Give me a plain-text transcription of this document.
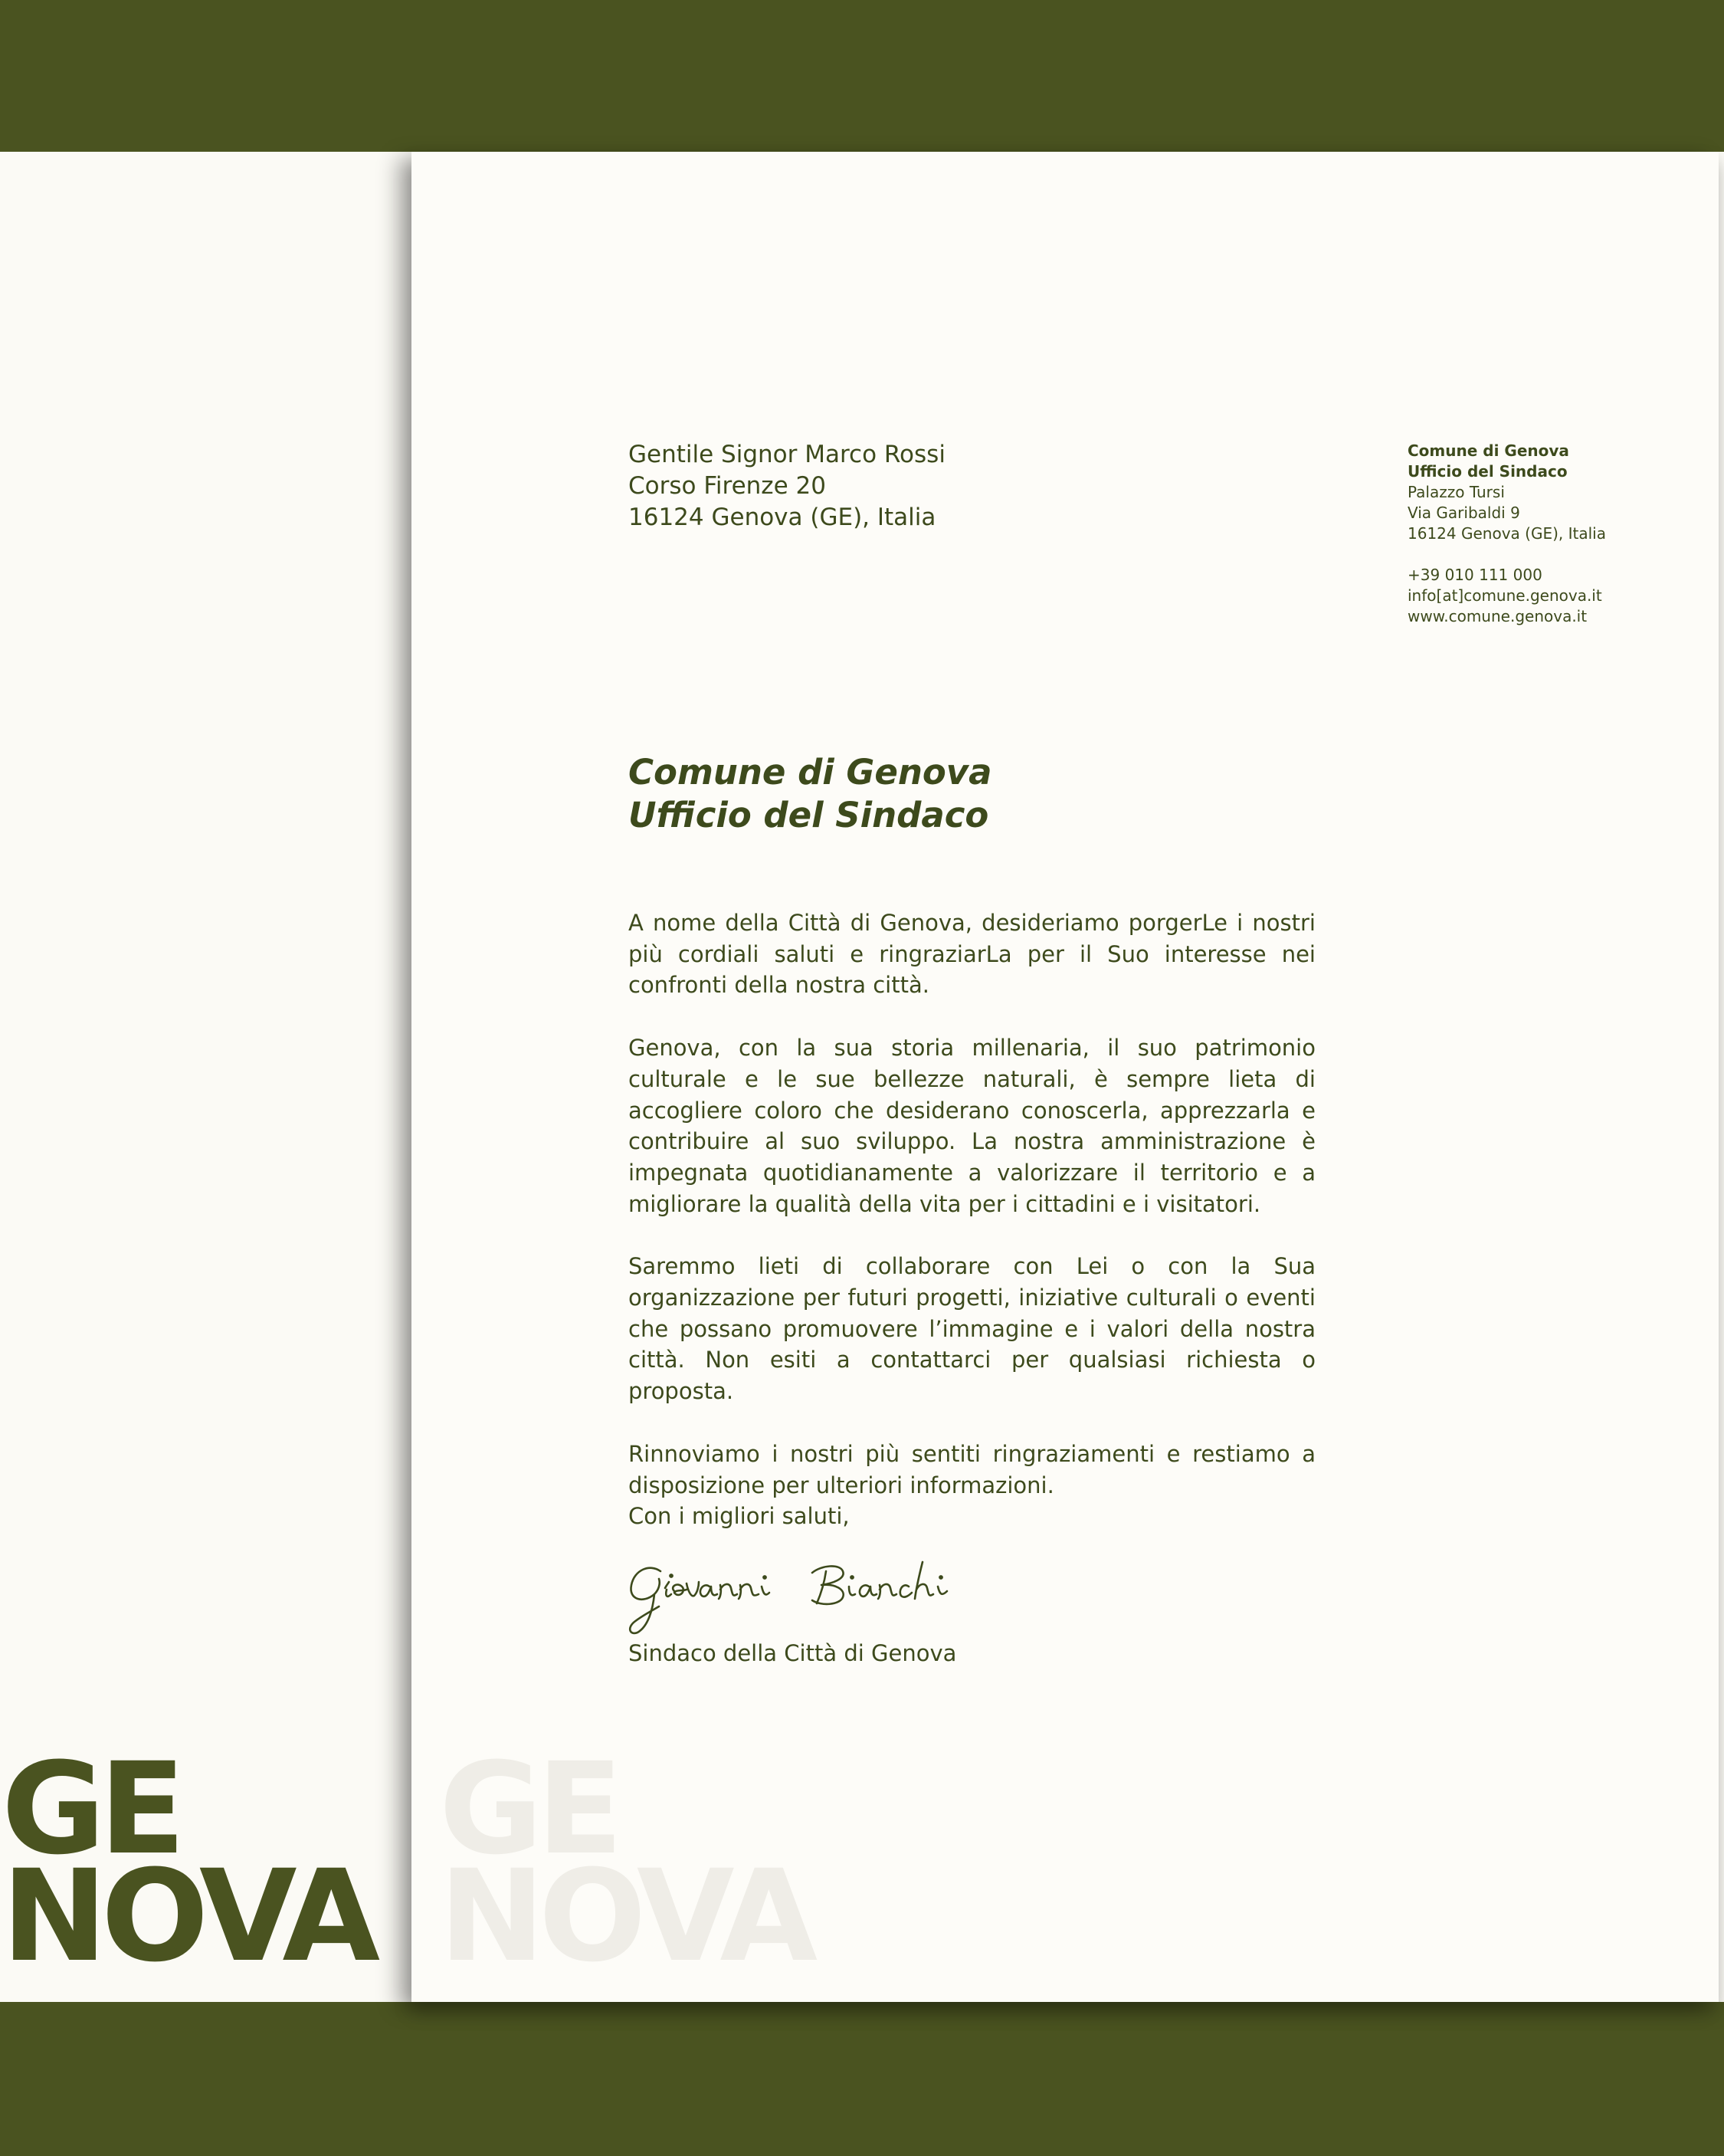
GE
NOVA
GE
NOVA
Gentile Signor Marco Rossi
Corso Firenze 20
16124 Genova (GE), Italia
Comune di Genova
Ufficio del Sindaco
Palazzo Tursi
Via Garibaldi 9
16124 Genova (GE), Italia
+39 010 111 000
info[at]comune.genova.it
www.comune.genova.it
Comune di Genova
Ufficio del Sindaco

A nome della Città di Genova, desideriamo porgerLe i nostri più cordiali saluti e ringraziarLa per il Suo interesse nei confronti della nostra città.

Genova, con la sua storia millenaria, il suo patrimonio culturale e le sue bellezze naturali, è sempre lieta di accogliere coloro che desiderano conoscerla, apprezzarla e contribuire al suo sviluppo. La nostra amministrazione è impegnata quotidianamente a valorizzare il territorio e a migliorare la qualità della vita per i cittadini e i visitatori.

Saremmo lieti di collaborare con Lei o con la Sua organizzazione per futuri progetti, iniziative culturali o eventi che possano promuovere l’immagine e i valori della nostra città. Non esiti a contattarci per qualsiasi richiesta o proposta.

Rinnoviamo i nostri più sentiti ringraziamenti e restiamo a disposizione per ulteriori informazioni.

Con i migliori saluti,
Giovanni Bianchi
Sindaco della Città di Genova
